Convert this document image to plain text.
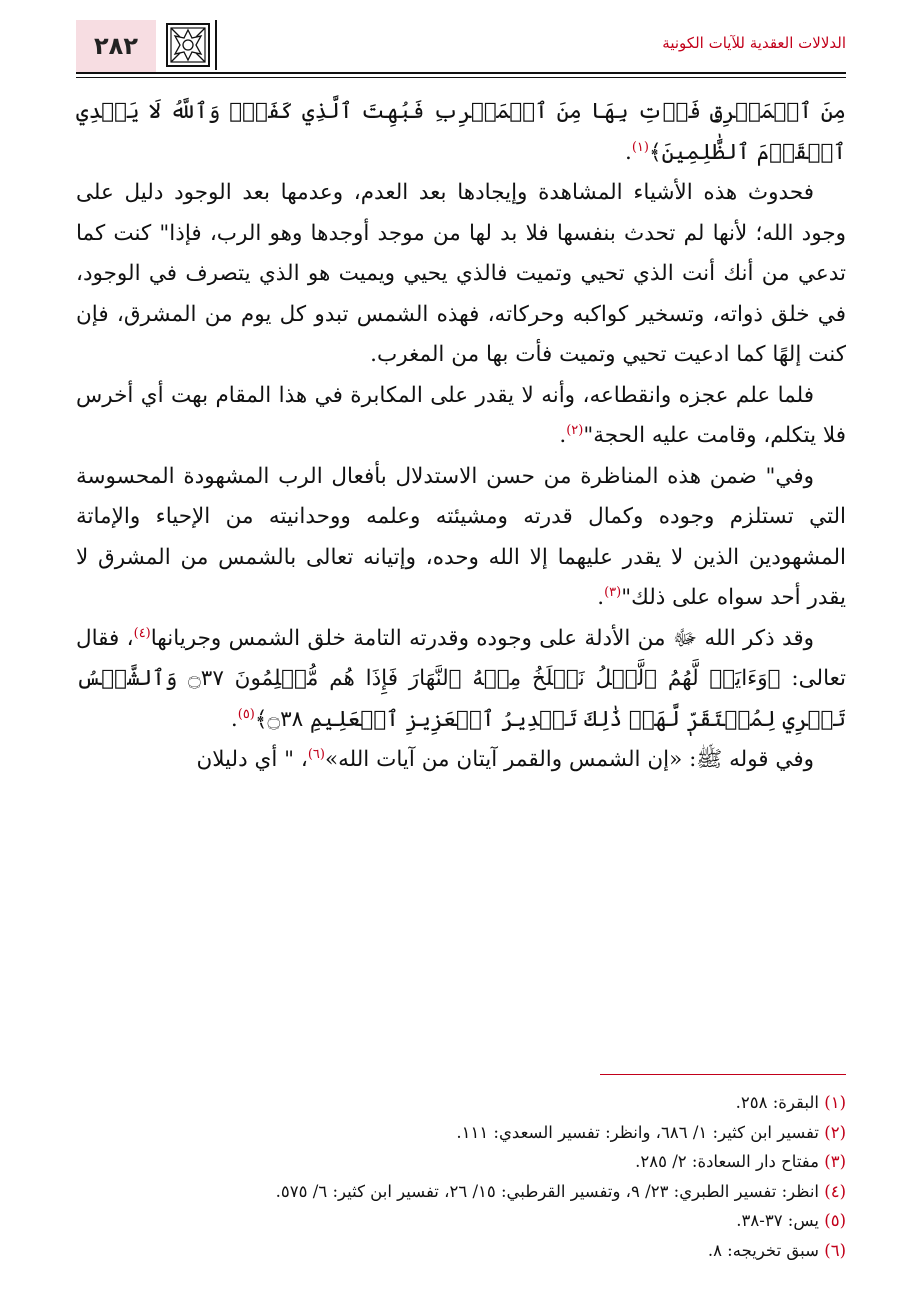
٢٨٢	الدلالات العقدية للآيات الكونية

مِنَ ٱلۡمَشۡرِقِ فَأۡتِ بِهَا مِنَ ٱلۡمَغۡرِبِ فَبُهِتَ ٱلَّذِي كَفَرَۗ وَٱللَّهُ لَا يَهۡدِي ٱلۡقَوۡمَ ٱلظَّٰلِمِينَ﴾$^{(١)}$.

فحدوث هذه الأشياء المشاهدة وإيجادها بعد العدم، وعدمها بعد الوجود دليل على وجود الله؛ لأنها لم تحدث بنفسها فلا بد لها من موجد أوجدها وهو الرب، فإذا" كنت كما تدعي من أنك أنت الذي تحيي وتميت فالذي يحيي ويميت هو الذي يتصرف في الوجود، في خلق ذواته، وتسخير كواكبه وحركاته، فهذه الشمس تبدو كل يوم من المشرق، فإن كنت إلهًا كما ادعيت تحيي وتميت فأت بها من المغرب.

فلما علم عجزه وانقطاعه، وأنه لا يقدر على المكابرة في هذا المقام بهت أي أخرس فلا يتكلم، وقامت عليه الحجة"$^{(٢)}$.

وفي" ضمن هذه المناظرة من حسن الاستدلال بأفعال الرب المشهودة المحسوسة التي تستلزم وجوده وكمال قدرته ومشيئته وعلمه ووحدانيته من الإحياء والإماتة المشهودين الذين لا يقدر عليهما إلا الله وحده، وإتيانه تعالى بالشمس من المشرق لا يقدر أحد سواه على ذلك"$^{(٣)}$.

وقد ذكر الله ﷻ من الأدلة على وجوده وقدرته التامة خلق الشمس وجريانها$^{(٤)}$، فقال تعالى: ﴿وَءَايَةٞ لَّهُمُ ٱلَّيۡلُ نَسۡلَخُ مِنۡهُ ٱلنَّهَارَ فَإِذَا هُم مُّظۡلِمُونَ ۝٣٧ وَٱلشَّمۡسُ تَجۡرِي لِمُسۡتَقَرّٖ لَّهَاۚ ذَٰلِكَ تَقۡدِيرُ ٱلۡعَزِيزِ ٱلۡعَلِيمِ ۝٣٨﴾$^{(٥)}$.

وفي قوله ﷺ: «إن الشمس والقمر آيتان من آيات الله»$^{(٦)}$، " أي دليلان

(١) البقرة: ٢٥٨.
(٢) تفسير ابن كثير: ١/ ٦٨٦، وانظر: تفسير السعدي: ١١١.
(٣) مفتاح دار السعادة: ٢/ ٢٨٥.
(٤) انظر: تفسير الطبري: ٢٣/ ٩، وتفسير القرطبي: ١٥/ ٢٦، تفسير ابن كثير: ٦/ ٥٧٥.
(٥) يس: ٣٧-٣٨.
(٦) سبق تخريجه: ٨.
